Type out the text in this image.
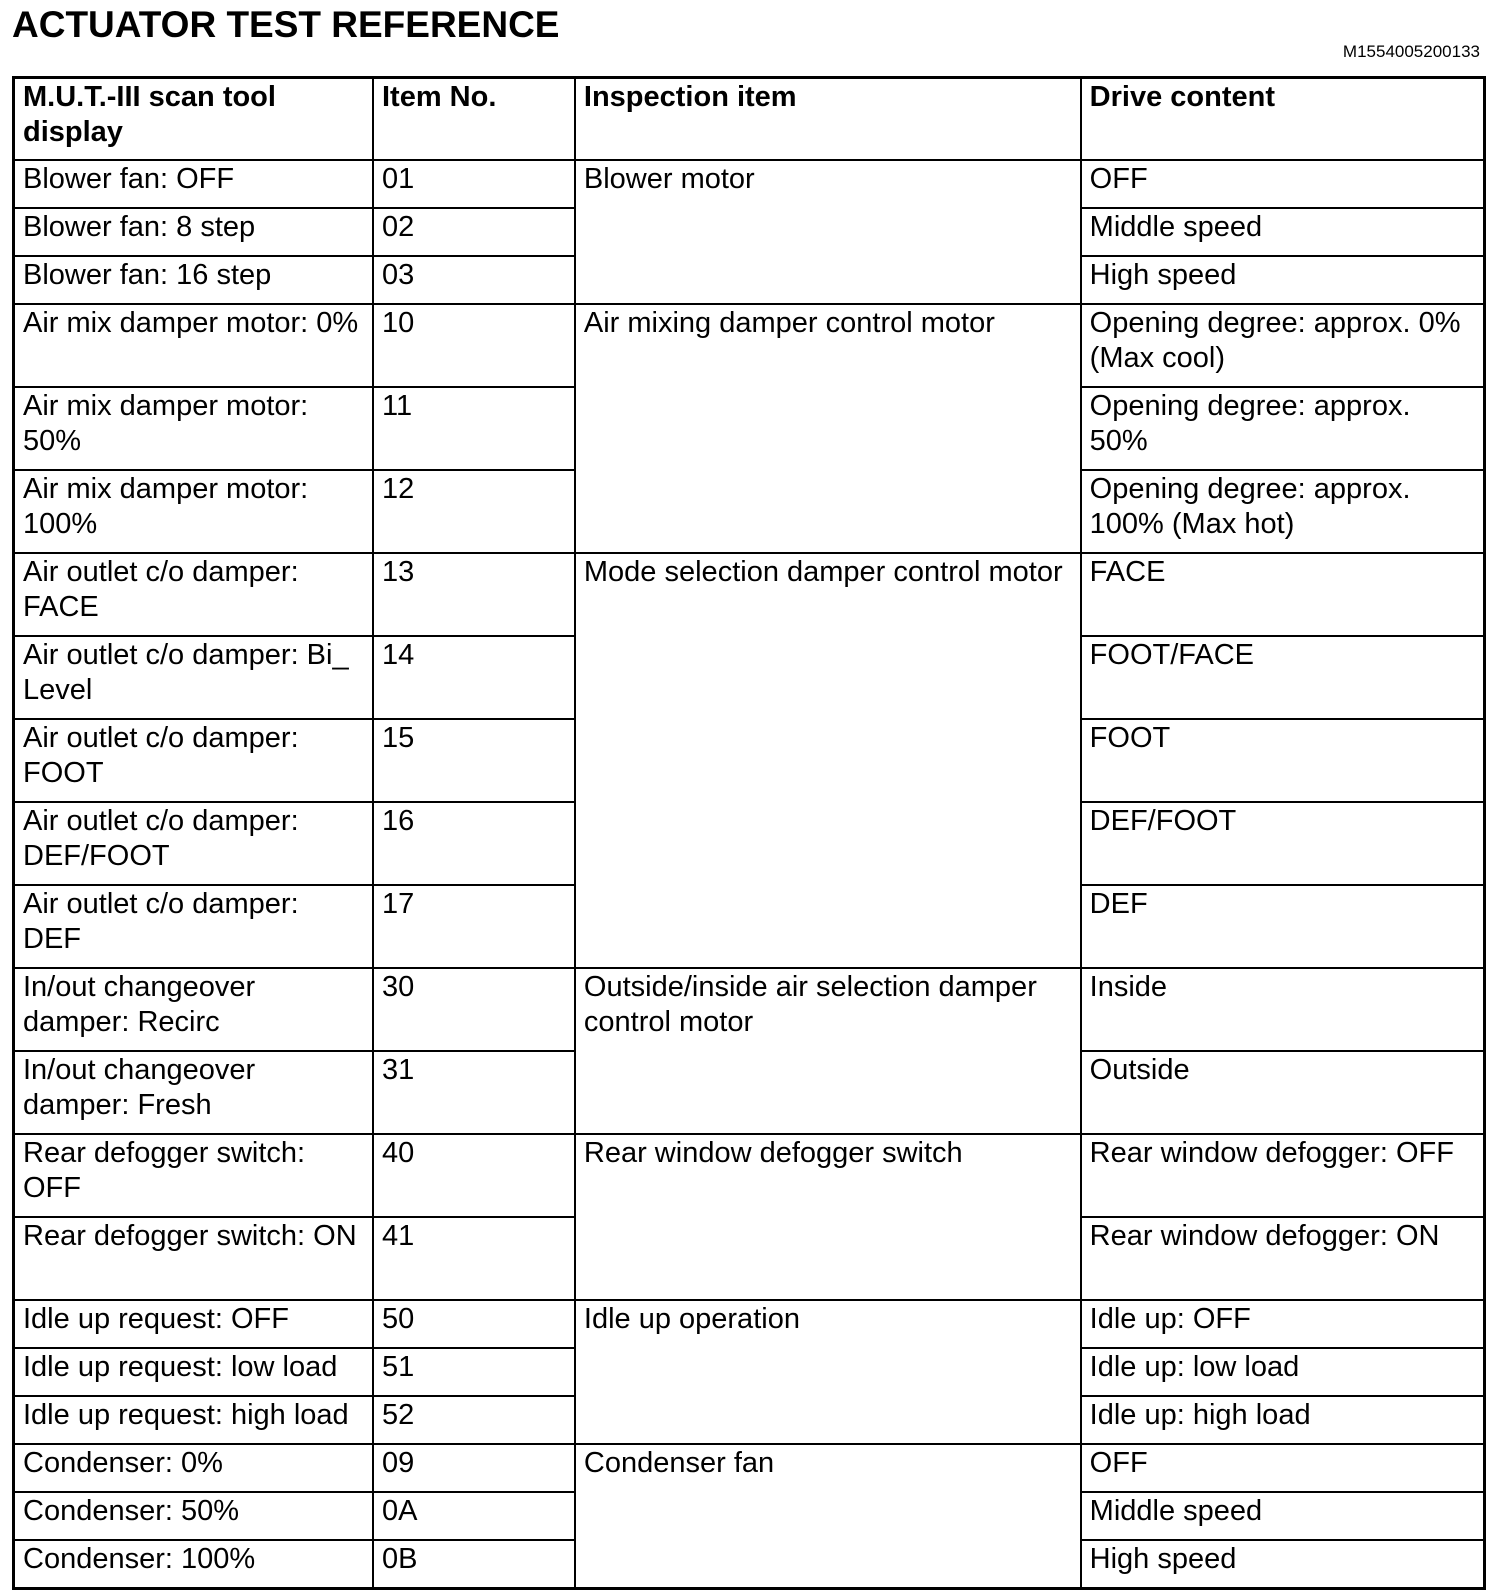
ACTUATOR TEST REFERENCE
M1554005200133
M.U.T.-III scan tool display	Item No.	Inspection item	Drive content
Blower fan: OFF	01	Blower motor	OFF
Blower fan: 8 step	02		Middle speed
Blower fan: 16 step	03		High speed
Air mix damper motor: 0%	10	Air mixing damper control motor	Opening degree: approx. 0% (Max cool)
Air mix damper motor: 50%	11		Opening degree: approx. 50%
Air mix damper motor: 100%	12		Opening degree: approx. 100% (Max hot)
Air outlet c/o damper: FACE	13	Mode selection damper control motor	FACE
Air outlet c/o damper: Bi_ Level	14		FOOT/FACE
Air outlet c/o damper: FOOT	15		FOOT
Air outlet c/o damper: DEF/FOOT	16		DEF/FOOT
Air outlet c/o damper: DEF	17		DEF
In/out changeover damper: Recirc	30	Outside/inside air selection damper control motor	Inside
In/out changeover damper: Fresh	31		Outside
Rear defogger switch: OFF	40	Rear window defogger switch	Rear window defogger: OFF
Rear defogger switch: ON	41		Rear window defogger: ON
Idle up request: OFF	50	Idle up operation	Idle up: OFF
Idle up request: low load	51		Idle up: low load
Idle up request: high load	52		Idle up: high load
Condenser: 0%	09	Condenser fan	OFF
Condenser: 50%	0A		Middle speed
Condenser: 100%	0B		High speed
